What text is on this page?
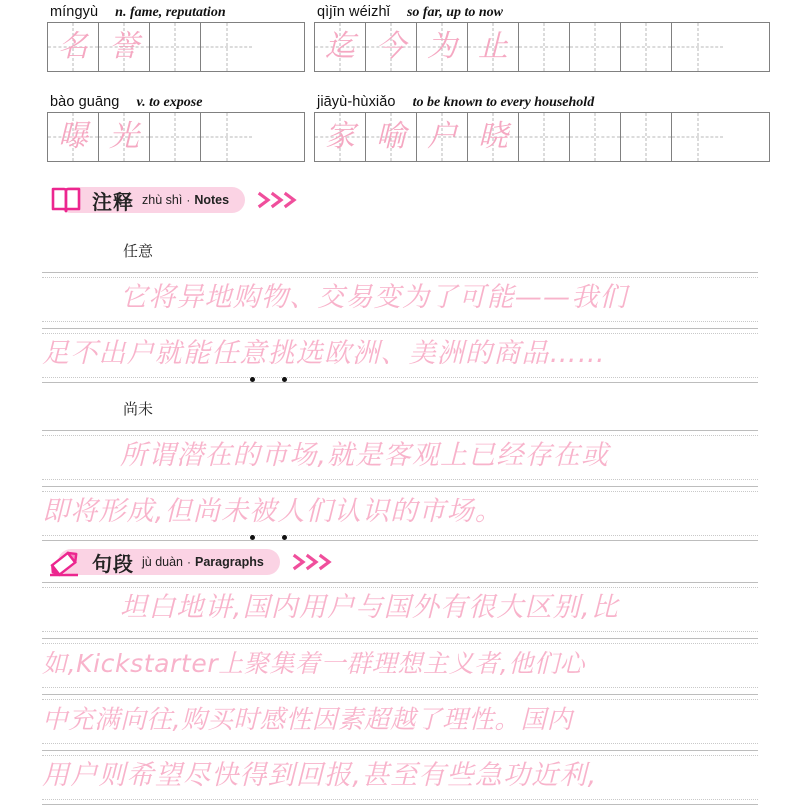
míngyù n. fame, reputation
名 誉
qìjīn wéizhǐ so far, up to now
迄 今 为 止
bào guāng v. to expose
曝 光
jiāyù-hùxiǎo to be known to every household
家 喻 户 晓
注释 zhù shì · Notes
任意
它将异地购物、交易变为了可能——我们
足不出户就能任意挑选欧洲、美洲的商品……
尚未
所谓潜在的市场,就是客观上已经存在或
即将形成,但尚未被人们认识的市场。
句段 jù duàn · Paragraphs
坦白地讲,国内用户与国外有很大区别,比
如,Kickstarter上聚集着一群理想主义者,他们心
中充满向往,购买时感性因素超越了理性。国内
用户则希望尽快得到回报,甚至有些急功近利,
